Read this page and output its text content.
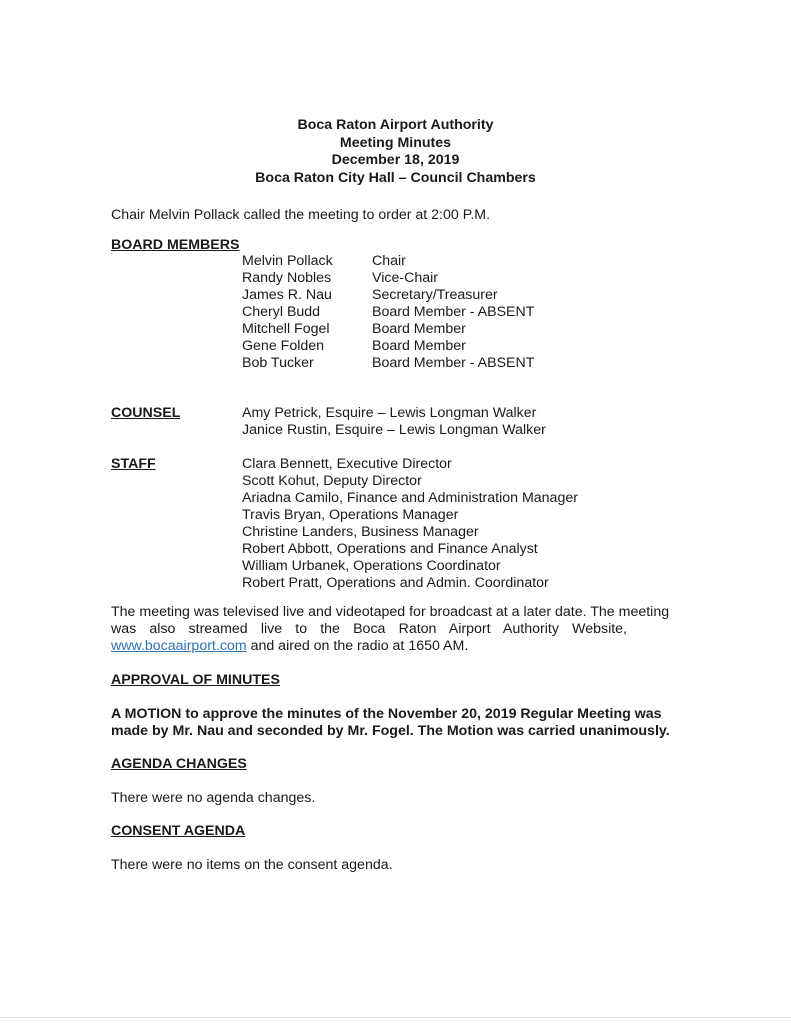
Boca Raton Airport Authority
Meeting Minutes
December 18, 2019
Boca Raton City Hall – Council Chambers
Chair Melvin Pollack called the meeting to order at 2:00 P.M.
BOARD MEMBERS
Melvin Pollack	Chair
Randy Nobles	Vice-Chair
James R. Nau	Secretary/Treasurer
Cheryl Budd	Board Member - ABSENT
Mitchell Fogel	Board Member
Gene Folden	Board Member
Bob Tucker	Board Member - ABSENT
COUNSEL	Amy Petrick, Esquire – Lewis Longman Walker
Janice Rustin, Esquire – Lewis Longman Walker
STAFF	Clara Bennett, Executive Director
Scott Kohut, Deputy Director
Ariadna Camilo, Finance and Administration Manager
Travis Bryan, Operations Manager
Christine Landers, Business Manager
Robert Abbott, Operations and Finance Analyst
William Urbanek, Operations Coordinator
Robert Pratt, Operations and Admin. Coordinator
The meeting was televised live and videotaped for broadcast at a later date. The meeting
was also streamed live to the Boca Raton Airport Authority Website,
www.bocaairport.com and aired on the radio at 1650 AM.
APPROVAL OF MINUTES
A MOTION to approve the minutes of the November 20, 2019 Regular Meeting was
made by Mr. Nau and seconded by Mr. Fogel. The Motion was carried unanimously.
AGENDA CHANGES
There were no agenda changes.
CONSENT AGENDA
There were no items on the consent agenda.
